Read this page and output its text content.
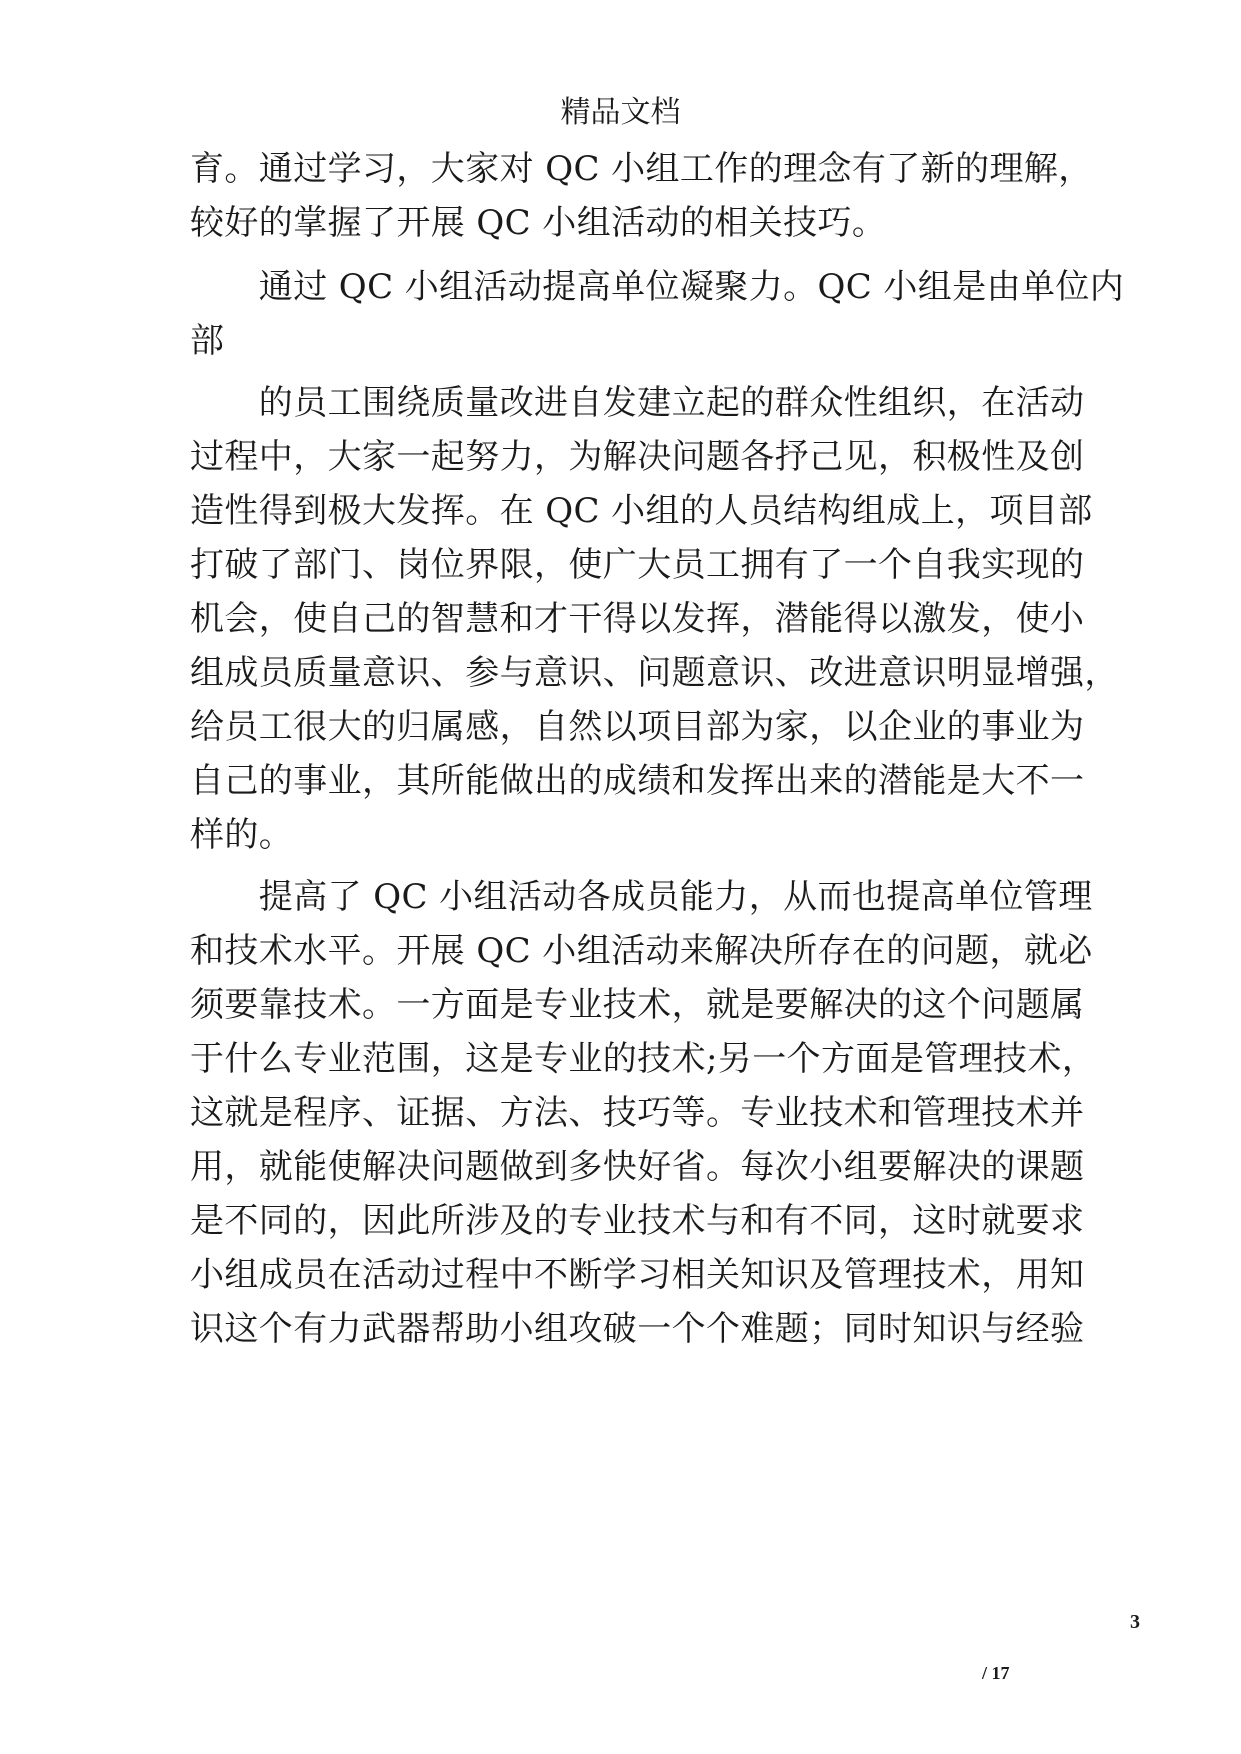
精品文档
育。通过学习，大家对 QC 小组工作的理念有了新的理解，
较好的掌握了开展 QC 小组活动的相关技巧。
　　通过 QC 小组活动提高单位凝聚力。QC 小组是由单位内
部
　　的员工围绕质量改进自发建立起的群众性组织，在活动
过程中，大家一起努力，为解决问题各抒己见，积极性及创
造性得到极大发挥。在 QC 小组的人员结构组成上，项目部
打破了部门、岗位界限，使广大员工拥有了一个自我实现的
机会，使自己的智慧和才干得以发挥，潜能得以激发，使小
组成员质量意识、参与意识、问题意识、改进意识明显增强，
给员工很大的归属感，自然以项目部为家，以企业的事业为
自己的事业，其所能做出的成绩和发挥出来的潜能是大不一
样的。
　　提高了 QC 小组活动各成员能力，从而也提高单位管理
和技术水平。开展 QC 小组活动来解决所存在的问题，就必
须要靠技术。一方面是专业技术，就是要解决的这个问题属
于什么专业范围，这是专业的技术;另一个方面是管理技术，
这就是程序、证据、方法、技巧等。专业技术和管理技术并
用，就能使解决问题做到多快好省。每次小组要解决的课题
是不同的，因此所涉及的专业技术与和有不同，这时就要求
小组成员在活动过程中不断学习相关知识及管理技术，用知
识这个有力武器帮助小组攻破一个个难题；同时知识与经验
3
/ 17
